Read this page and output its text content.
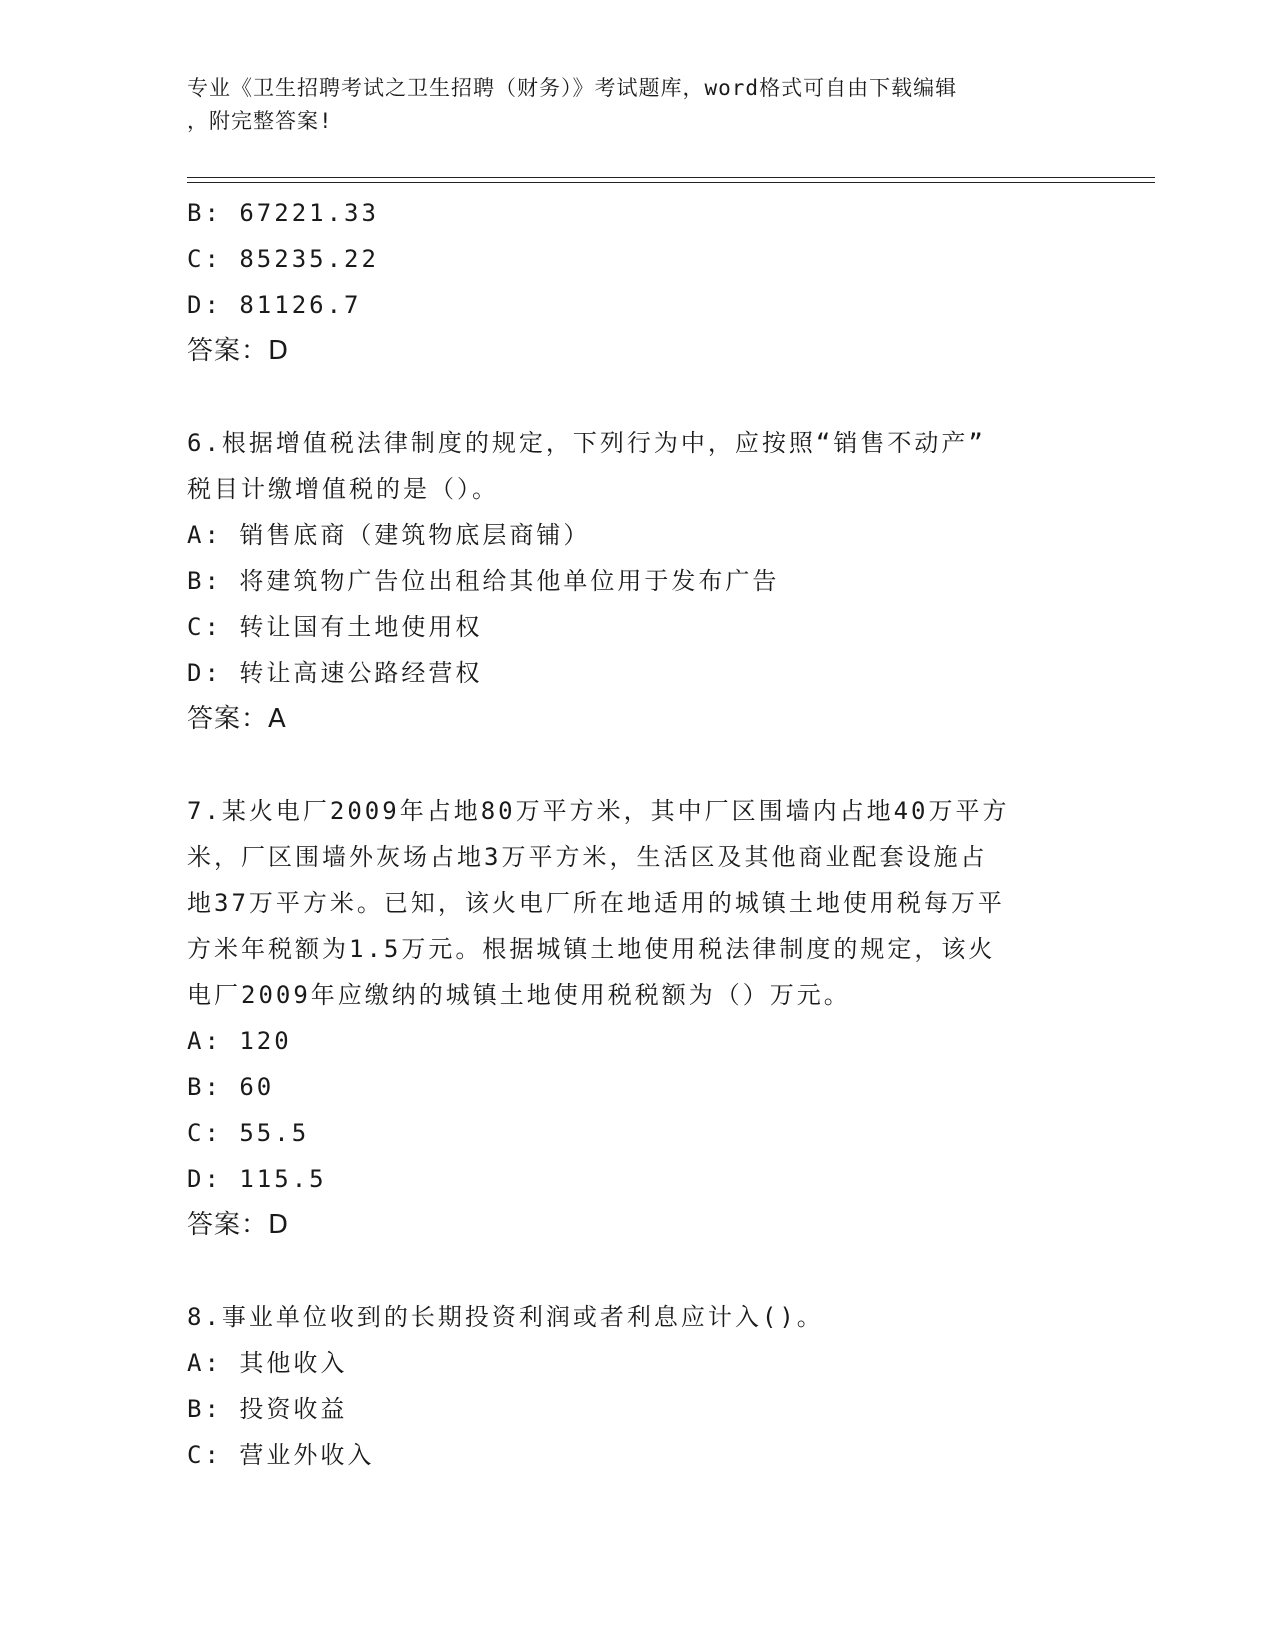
专业《卫生招聘考试之卫生招聘（财务）》考试题库，word格式可自由下载编辑
，附完整答案!
B: 67221.33
C: 85235.22
D: 81126.7
答案：D
6.根据增值税法律制度的规定，下列行为中，应按照“销售不动产”
税目计缴增值税的是（）。
A: 销售底商（建筑物底层商铺）
B: 将建筑物广告位出租给其他单位用于发布广告
C: 转让国有土地使用权
D: 转让高速公路经营权
答案：A
7.某火电厂2009年占地80万平方米，其中厂区围墙内占地40万平方
米，厂区围墙外灰场占地3万平方米，生活区及其他商业配套设施占
地37万平方米。已知，该火电厂所在地适用的城镇土地使用税每万平
方米年税额为1.5万元。根据城镇土地使用税法律制度的规定，该火
电厂2009年应缴纳的城镇土地使用税税额为（）万元。
A: 120
B: 60
C: 55.5
D: 115.5
答案：D
8.事业单位收到的长期投资利润或者利息应计入()。
A: 其他收入
B: 投资收益
C: 营业外收入
